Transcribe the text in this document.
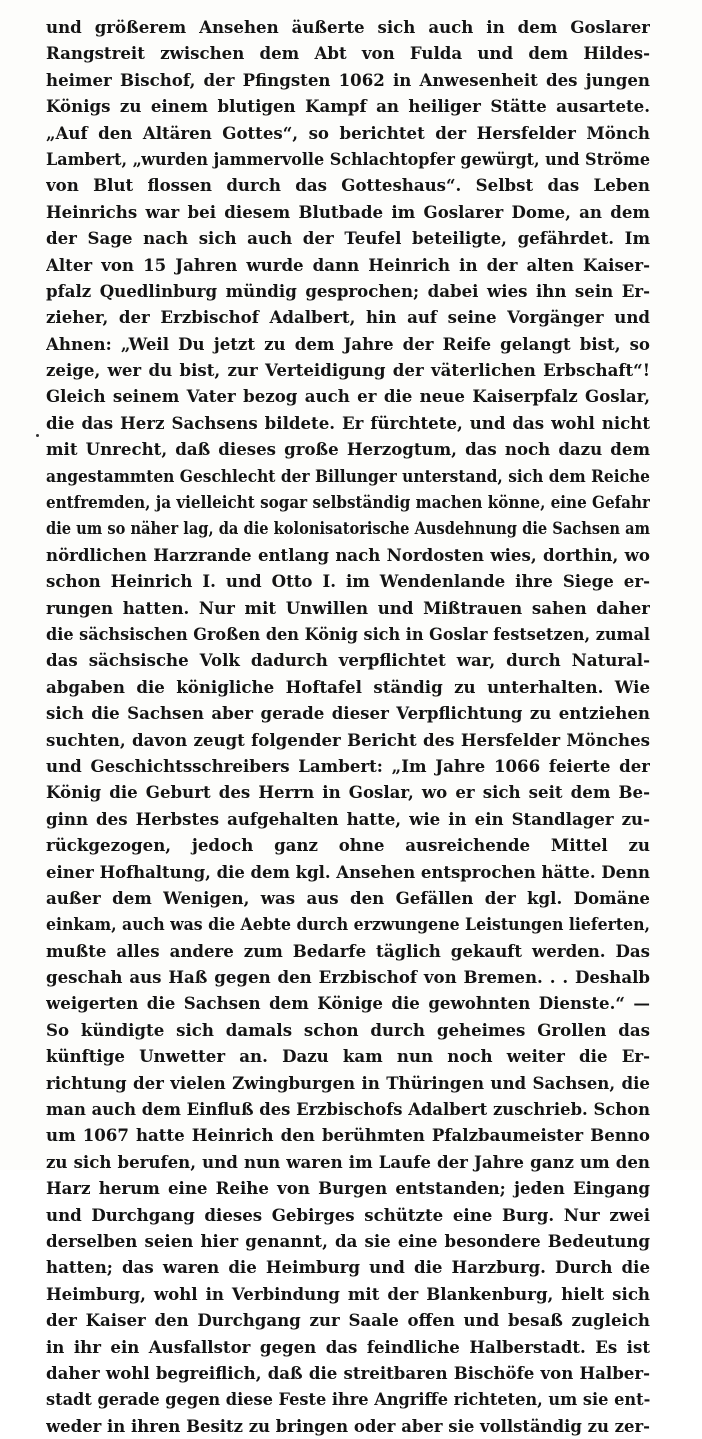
und größerem Ansehen äußerte sich auch in dem Goslarer
Rangstreit zwischen dem Abt von Fulda und dem Hildes-
heimer Bischof, der Pfingsten 1062 in Anwesenheit des jungen
Königs zu einem blutigen Kampf an heiliger Stätte ausartete.
„Auf den Altären Gottes“, so berichtet der Hersfelder Mönch
Lambert, „wurden jammervolle Schlachtopfer gewürgt, und Ströme
von Blut flossen durch das Gotteshaus“. Selbst das Leben
Heinrichs war bei diesem Blutbade im Goslarer Dome, an dem
der Sage nach sich auch der Teufel beteiligte, gefährdet. Im
Alter von 15 Jahren wurde dann Heinrich in der alten Kaiser-
pfalz Quedlinburg mündig gesprochen; dabei wies ihn sein Er-
zieher, der Erzbischof Adalbert, hin auf seine Vorgänger und
Ahnen: „Weil Du jetzt zu dem Jahre der Reife gelangt bist, so
zeige, wer du bist, zur Verteidigung der väterlichen Erbschaft“!
Gleich seinem Vater bezog auch er die neue Kaiserpfalz Goslar,
die das Herz Sachsens bildete. Er fürchtete, und das wohl nicht
mit Unrecht, daß dieses große Herzogtum, das noch dazu dem
angestammten Geschlecht der Billunger unterstand, sich dem Reiche
entfremden, ja vielleicht sogar selbständig machen könne, eine Gefahr
die um so näher lag, da die kolonisatorische Ausdehnung die Sachsen am
nördlichen Harzrande entlang nach Nordosten wies, dorthin, wo
schon Heinrich I. und Otto I. im Wendenlande ihre Siege er-
rungen hatten. Nur mit Unwillen und Mißtrauen sahen daher
die sächsischen Großen den König sich in Goslar festsetzen, zumal
das sächsische Volk dadurch verpflichtet war, durch Natural-
abgaben die königliche Hoftafel ständig zu unterhalten. Wie
sich die Sachsen aber gerade dieser Verpflichtung zu entziehen
suchten, davon zeugt folgender Bericht des Hersfelder Mönches
und Geschichtsschreibers Lambert: „Im Jahre 1066 feierte der
König die Geburt des Herrn in Goslar, wo er sich seit dem Be-
ginn des Herbstes aufgehalten hatte, wie in ein Standlager zu-
rückgezogen, jedoch ganz ohne ausreichende Mittel zu
einer Hofhaltung, die dem kgl. Ansehen entsprochen hätte. Denn
außer dem Wenigen, was aus den Gefällen der kgl. Domäne
einkam, auch was die Aebte durch erzwungene Leistungen lieferten,
mußte alles andere zum Bedarfe täglich gekauft werden. Das
geschah aus Haß gegen den Erzbischof von Bremen. . . Deshalb
weigerten die Sachsen dem Könige die gewohnten Dienste.“ —
So kündigte sich damals schon durch geheimes Grollen das
künftige Unwetter an. Dazu kam nun noch weiter die Er-
richtung der vielen Zwingburgen in Thüringen und Sachsen, die
man auch dem Einfluß des Erzbischofs Adalbert zuschrieb. Schon
um 1067 hatte Heinrich den berühmten Pfalzbaumeister Benno
zu sich berufen, und nun waren im Laufe der Jahre ganz um den
Harz herum eine Reihe von Burgen entstanden; jeden Eingang
und Durchgang dieses Gebirges schützte eine Burg. Nur zwei
derselben seien hier genannt, da sie eine besondere Bedeutung
hatten; das waren die Heimburg und die Harzburg. Durch die
Heimburg, wohl in Verbindung mit der Blankenburg, hielt sich
der Kaiser den Durchgang zur Saale offen und besaß zugleich
in ihr ein Ausfallstor gegen das feindliche Halberstadt. Es ist
daher wohl begreiflich, daß die streitbaren Bischöfe von Halber-
stadt gerade gegen diese Feste ihre Angriffe richteten, um sie ent-
weder in ihren Besitz zu bringen oder aber sie vollständig zu zer-
